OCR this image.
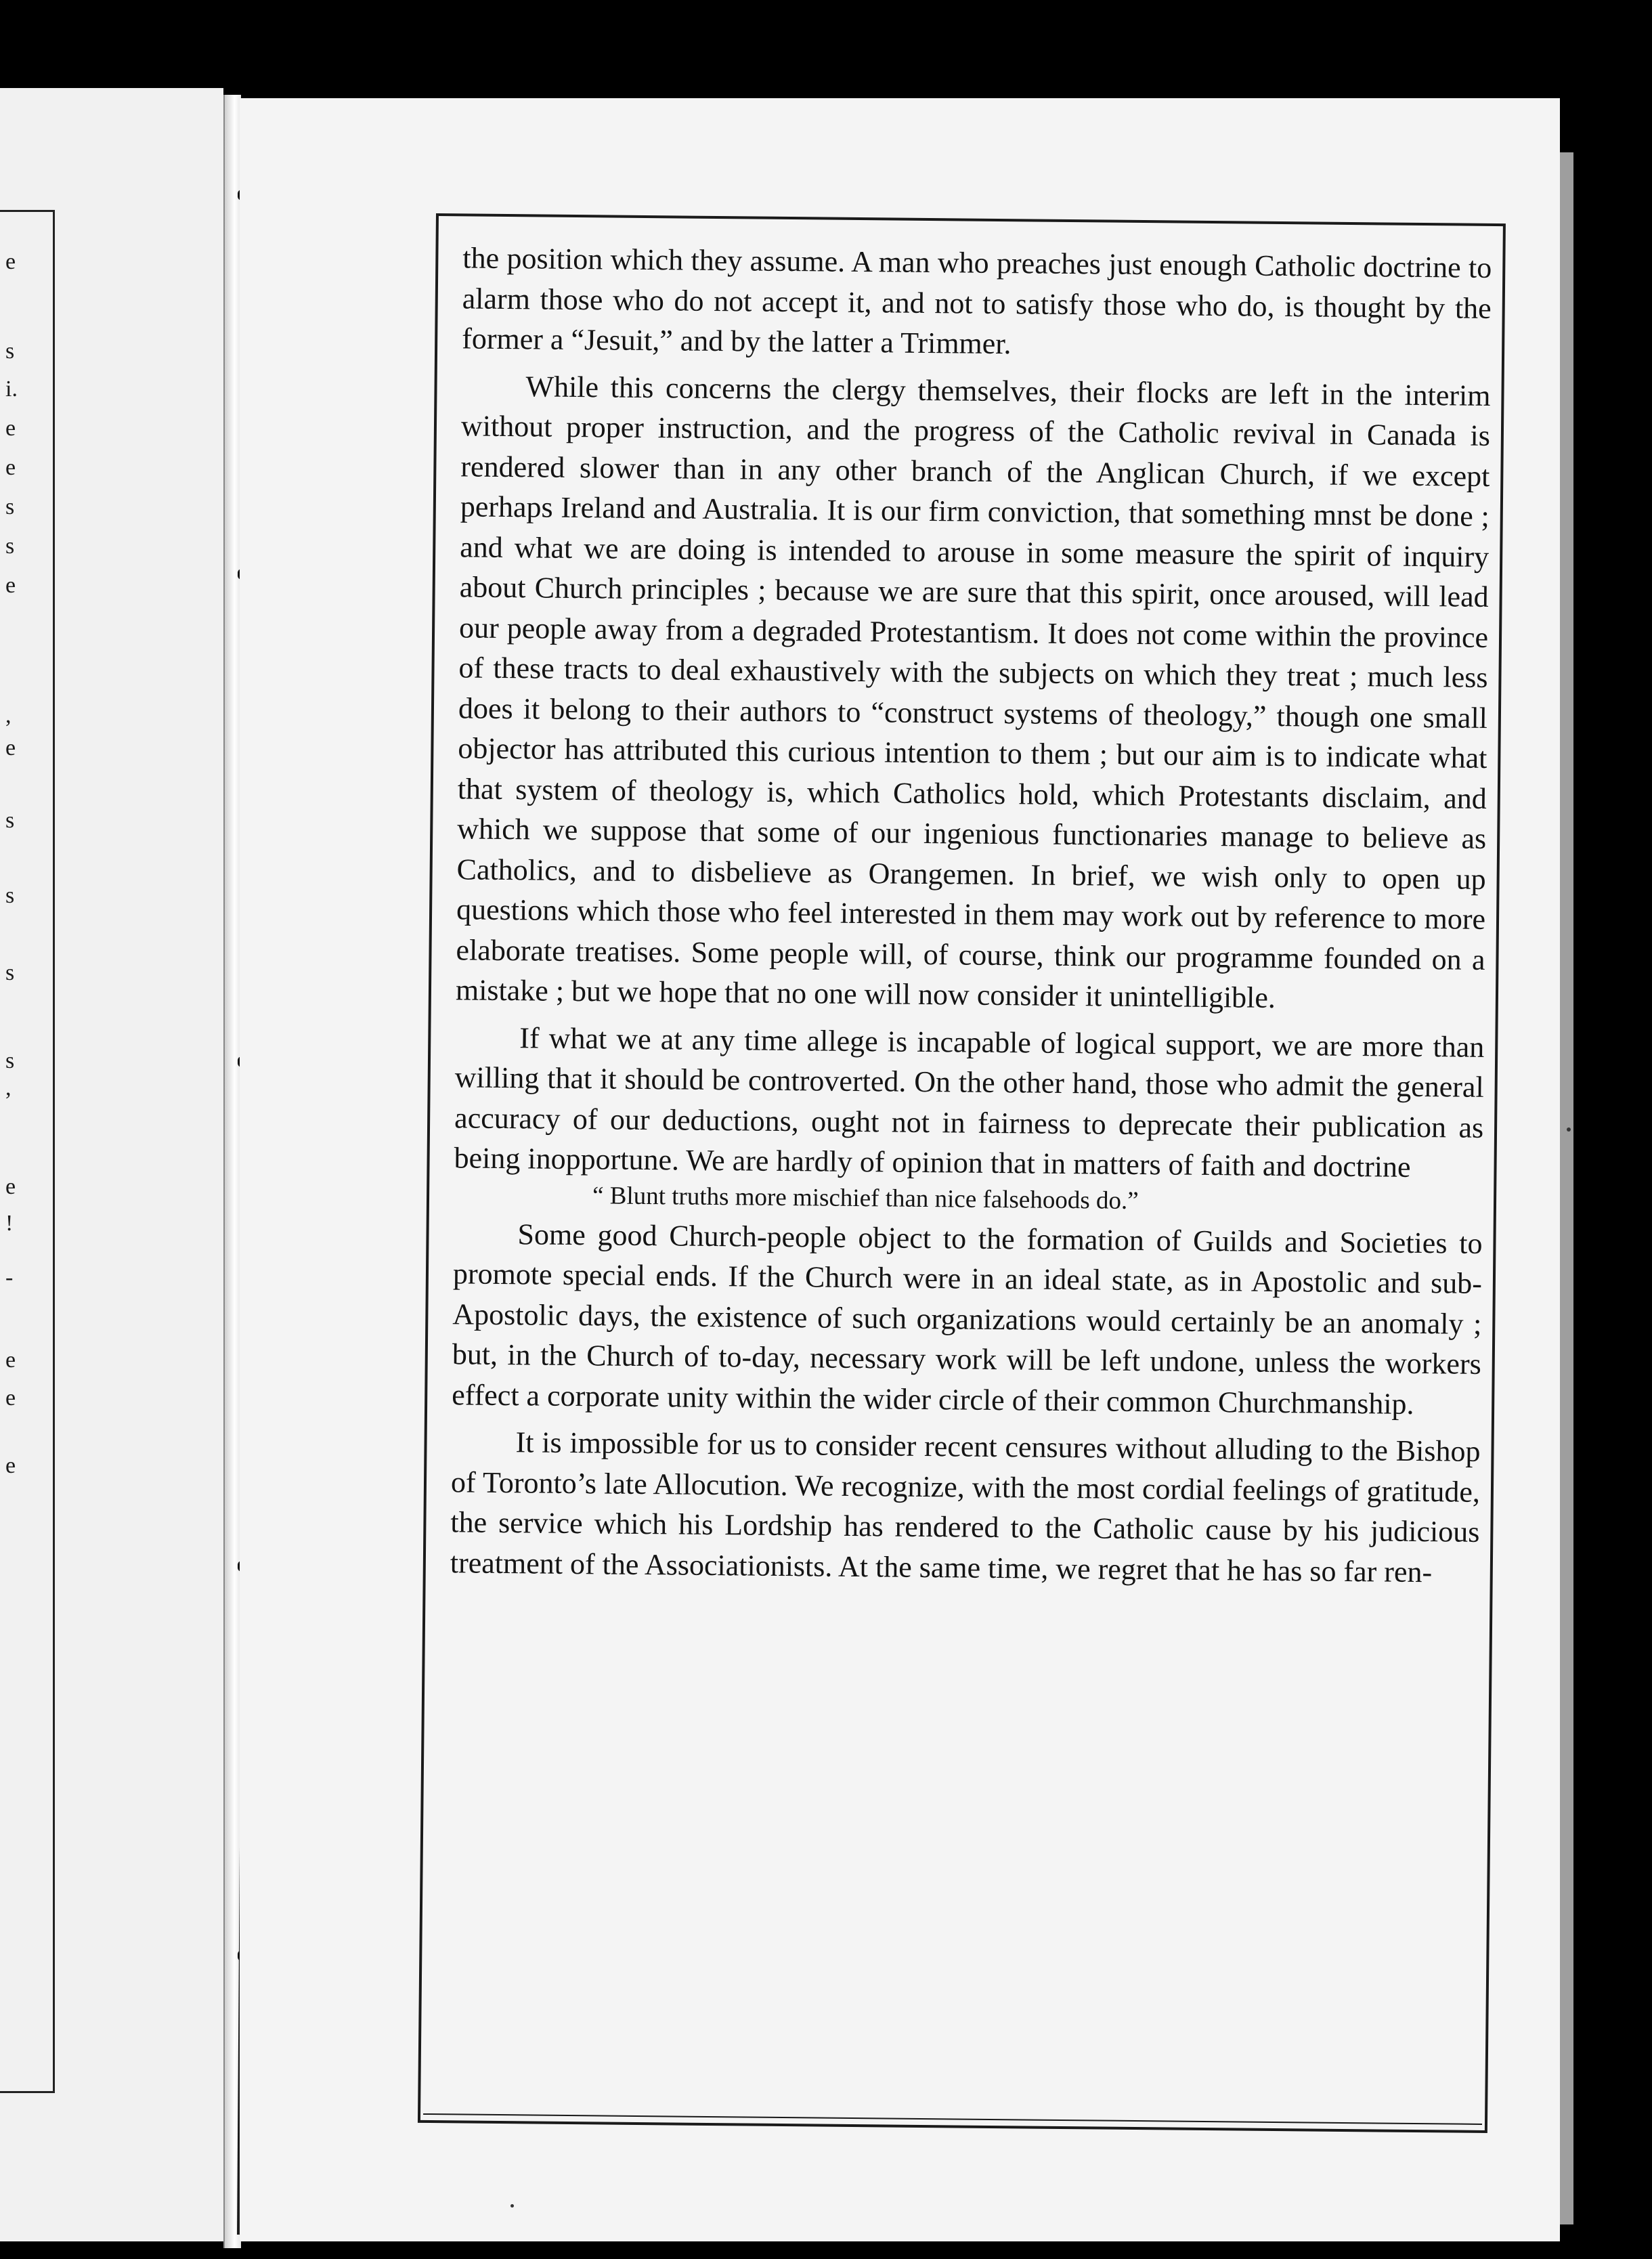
e
s
i.
e
e
s
s
e
,
e
s
s
s
s
,
e
!
-
e
e
e

the position which they assume. A man who preaches just enough Catholic doctrine to alarm those who do not accept it, and not to satisfy those who do, is thought by the former a “Jesuit,” and by the latter a Trimmer.

While this concerns the clergy themselves, their flocks are left in the interim without proper instruction, and the progress of the Catholic revival in Canada is rendered slower than in any other branch of the Anglican Church, if we except perhaps Ireland and Australia. It is our firm conviction, that something mnst be done ; and what we are doing is intended to arouse in some measure the spirit of inquiry about Church principles ; because we are sure that this spirit, once aroused, will lead our people away from a degraded Protestantism. It does not come within the province of these tracts to deal exhaustively with the subjects on which they treat ; much less does it belong to their authors to “construct systems of theology,” though one small objector has attributed this curious intention to them ; but our aim is to indicate what that system of theology is, which Catholics hold, which Protestants disclaim, and which we suppose that some of our ingenious functionaries manage to believe as Catholics, and to disbelieve as Orangemen. In brief, we wish only to open up questions which those who feel interested in them may work out by reference to more elaborate treatises. Some people will, of course, think our programme founded on a mistake ; but we hope that no one will now consider it unintelligible.

If what we at any time allege is incapable of logical support, we are more than willing that it should be controverted. On the other hand, those who admit the general accuracy of our deductions, ought not in fairness to deprecate their publication as being inopportune. We are hardly of opinion that in matters of faith and doctrine

“ Blunt truths more mischief than nice falsehoods do.”

Some good Church-people object to the formation of Guilds and Societies to promote special ends. If the Church were in an ideal state, as in Apostolic and sub-Apostolic days, the existence of such organizations would certainly be an anomaly ; but, in the Church of to-day, necessary work will be left undone, unless the workers effect a corporate unity within the wider circle of their common Churchmanship.

It is impossible for us to consider recent censures without alluding to the Bishop of Toronto’s late Allocution. We recognize, with the most cordial feelings of gratitude, the service which his Lordship has rendered to the Catholic cause by his judicious treatment of the Associationists. At the same time, we regret that he has so far ren-
